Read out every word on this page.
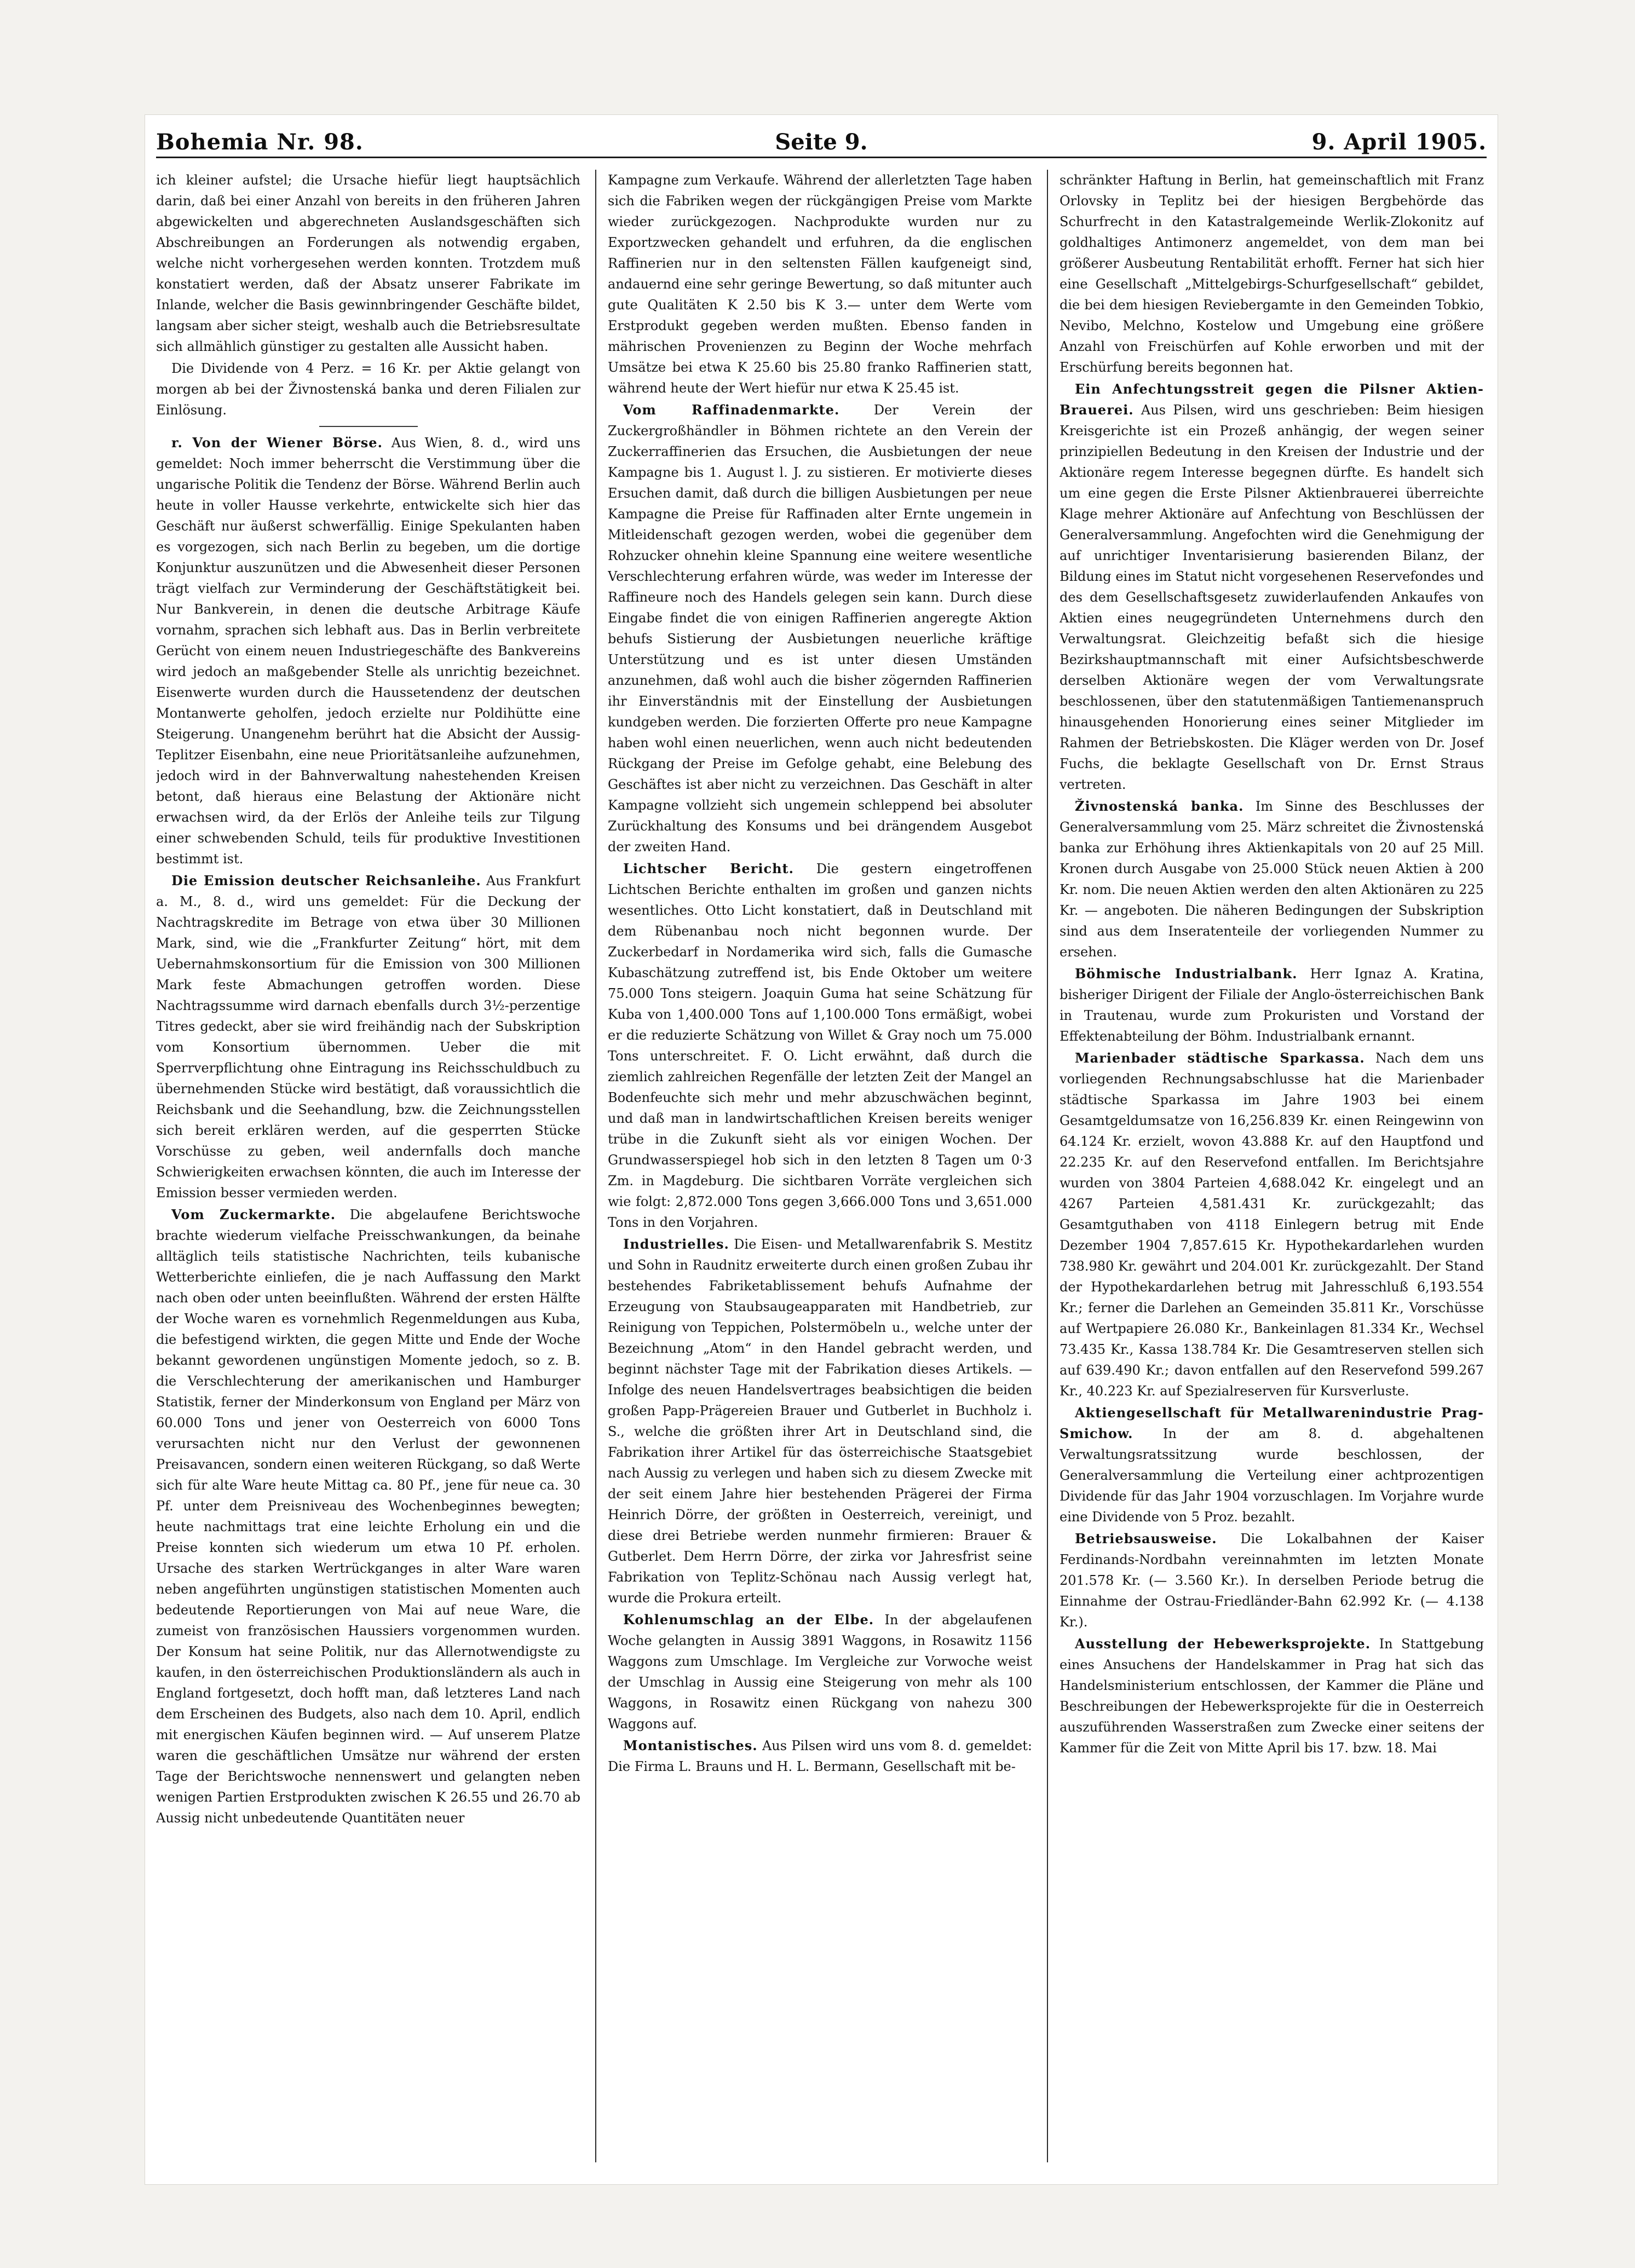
Bohemia Nr. 98.	Seite 9.	9. April 1905.

ich kleiner aufstel; die Ursache hiefür liegt hauptsächlich darin, daß bei einer Anzahl von bereits in den früheren Jahren abgewickelten und abgerechneten Auslandsgeschäften sich Abschreibungen an Forderungen als notwendig ergaben, welche nicht vorhergesehen werden konnten. Trotzdem muß konstatiert werden, daß der Absatz unserer Fabrikate im Inlande, welcher die Basis gewinnbringender Geschäfte bildet, langsam aber sicher steigt, weshalb auch die Betriebsresultate sich allmählich günstiger zu gestalten alle Aussicht haben.

Die Dividende von 4 Perz. = 16 Kr. per Aktie gelangt von morgen ab bei der Živnostenská banka und deren Filialen zur Einlösung.

r. Von der Wiener Börse. Aus Wien, 8. d., wird uns gemeldet: Noch immer beherrscht die Verstimmung über die ungarische Politik die Tendenz der Börse. Während Berlin auch heute in voller Hausse verkehrte, entwickelte sich hier das Geschäft nur äußerst schwerfällig. Einige Spekulanten haben es vorgezogen, sich nach Berlin zu begeben, um die dortige Konjunktur auszunützen und die Abwesenheit dieser Personen trägt vielfach zur Verminderung der Geschäftstätigkeit bei. Nur Bankverein, in denen die deutsche Arbitrage Käufe vornahm, sprachen sich lebhaft aus. Das in Berlin verbreitete Gerücht von einem neuen Industriegeschäfte des Bankvereins wird jedoch an maßgebender Stelle als unrichtig bezeichnet. Eisenwerte wurden durch die Haussetendenz der deutschen Montanwerte geholfen, jedoch erzielte nur Poldihütte eine Steigerung. Unangenehm berührt hat die Absicht der Aussig-Teplitzer Eisenbahn, eine neue Prioritätsanleihe aufzunehmen, jedoch wird in der Bahnverwaltung nahestehenden Kreisen betont, daß hieraus eine Belastung der Aktionäre nicht erwachsen wird, da der Erlös der Anleihe teils zur Tilgung einer schwebenden Schuld, teils für produktive Investitionen bestimmt ist.

Die Emission deutscher Reichsanleihe. Aus Frankfurt a. M., 8. d., wird uns gemeldet: Für die Deckung der Nachtragskredite im Betrage von etwa über 30 Millionen Mark, sind, wie die „Frankfurter Zeitung“ hört, mit dem Uebernahmskonsortium für die Emission von 300 Millionen Mark feste Abmachungen getroffen worden. Diese Nachtragssumme wird darnach ebenfalls durch 3½-perzentige Titres gedeckt, aber sie wird freihändig nach der Subskription vom Konsortium übernommen. Ueber die mit Sperrverpflichtung ohne Eintragung ins Reichsschuldbuch zu übernehmenden Stücke wird bestätigt, daß voraussichtlich die Reichsbank und die Seehandlung, bzw. die Zeichnungsstellen sich bereit erklären werden, auf die gesperrten Stücke Vorschüsse zu geben, weil andernfalls doch manche Schwierigkeiten erwachsen könnten, die auch im Interesse der Emission besser vermieden werden.

Vom Zuckermarkte. Die abgelaufene Berichtswoche brachte wiederum vielfache Preisschwankungen, da beinahe alltäglich teils statistische Nachrichten, teils kubanische Wetterberichte einliefen, die je nach Auffassung den Markt nach oben oder unten beeinflußten. Während der ersten Hälfte der Woche waren es vornehmlich Regenmeldungen aus Kuba, die befestigend wirkten, die gegen Mitte und Ende der Woche bekannt gewordenen ungünstigen Momente jedoch, so z. B. die Verschlechterung der amerikanischen und Hamburger Statistik, ferner der Minderkonsum von England per März von 60.000 Tons und jener von Oesterreich von 6000 Tons verursachten nicht nur den Verlust der gewonnenen Preisavancen, sondern einen weiteren Rückgang, so daß Werte sich für alte Ware heute Mittag ca. 80 Pf., jene für neue ca. 30 Pf. unter dem Preisniveau des Wochenbeginnes bewegten; heute nachmittags trat eine leichte Erholung ein und die Preise konnten sich wiederum um etwa 10 Pf. erholen. Ursache des starken Wertrückganges in alter Ware waren neben angeführten ungünstigen statistischen Momenten auch bedeutende Reportierungen von Mai auf neue Ware, die zumeist von französischen Haussiers vorgenommen wurden. Der Konsum hat seine Politik, nur das Allernotwendigste zu kaufen, in den österreichischen Produktionsländern als auch in England fortgesetzt, doch hofft man, daß letzteres Land nach dem Erscheinen des Budgets, also nach dem 10. April, endlich mit energischen Käufen beginnen wird. — Auf unserem Platze waren die geschäftlichen Umsätze nur während der ersten Tage der Berichtswoche nennenswert und gelangten neben wenigen Partien Erstprodukten zwischen K 26.55 und 26.70 ab Aussig nicht unbedeutende Quantitäten neuer

Kampagne zum Verkaufe. Während der allerletzten Tage haben sich die Fabriken wegen der rückgängigen Preise vom Markte wieder zurückgezogen. Nachprodukte wurden nur zu Exportzwecken gehandelt und erfuhren, da die englischen Raffinerien nur in den seltensten Fällen kaufgeneigt sind, andauernd eine sehr geringe Bewertung, so daß mitunter auch gute Qualitäten K 2.50 bis K 3.— unter dem Werte vom Erstprodukt gegeben werden mußten. Ebenso fanden in mährischen Provenienzen zu Beginn der Woche mehrfach Umsätze bei etwa K 25.60 bis 25.80 franko Raffinerien statt, während heute der Wert hiefür nur etwa K 25.45 ist.

Vom Raffinadenmarkte.	Der Verein der Zuckergroßhändler in Böhmen richtete an den Verein der Zuckerraffinerien das Ersuchen, die Ausbietungen der neue Kampagne bis 1. August l. J. zu sistieren. Er motivierte dieses Ersuchen damit, daß durch die billigen Ausbietungen per neue Kampagne die Preise für Raffinaden alter Ernte ungemein in Mitleidenschaft gezogen werden, wobei die gegenüber dem Rohzucker ohnehin kleine Spannung eine weitere wesentliche Verschlechterung erfahren würde, was weder im Interesse der Raffineure noch des Handels gelegen sein kann. Durch diese Eingabe findet die von einigen Raffinerien angeregte Aktion behufs Sistierung der Ausbietungen neuerliche kräftige Unterstützung und es ist unter diesen Umständen anzunehmen, daß wohl auch die bisher zögernden Raffinerien ihr Einverständnis mit der Einstellung der Ausbietungen kundgeben werden. Die forzierten Offerte pro neue Kampagne haben wohl einen neuerlichen, wenn auch nicht bedeutenden Rückgang der Preise im Gefolge gehabt, eine Belebung des Geschäftes ist aber nicht zu verzeichnen. Das Geschäft in alter Kampagne vollzieht sich ungemein schleppend bei absoluter Zurückhaltung des Konsums und bei drängendem Ausgebot der zweiten Hand.

Lichtscher Bericht. Die gestern eingetroffenen Lichtschen Berichte enthalten im großen und ganzen nichts wesentliches. Otto Licht konstatiert, daß in Deutschland mit dem Rübenanbau noch nicht begonnen wurde. Der Zuckerbedarf in Nordamerika wird sich, falls die Gumasche Kubaschätzung zutreffend ist, bis Ende Oktober um weitere 75.000 Tons steigern. Joaquin Guma hat seine Schätzung für Kuba von 1,400.000 Tons auf 1,100.000 Tons ermäßigt, wobei er die reduzierte Schätzung von Willet & Gray noch um 75.000 Tons unterschreitet. F. O. Licht erwähnt, daß durch die ziemlich zahlreichen Regenfälle der letzten Zeit der Mangel an Bodenfeuchte sich mehr und mehr abzuschwächen beginnt, und daß man in landwirtschaftlichen Kreisen bereits weniger trübe in die Zukunft sieht als vor einigen Wochen. Der Grundwasserspiegel hob sich in den letzten 8 Tagen um 0·3 Zm. in Magdeburg. Die sichtbaren Vorräte vergleichen sich wie folgt: 2,872.000 Tons gegen 3,666.000 Tons und 3,651.000 Tons in den Vorjahren.

Industrielles. Die Eisen- und Metallwarenfabrik S. Mestitz und Sohn in Raudnitz erweiterte durch einen großen Zubau ihr bestehendes Fabriketablissement behufs Aufnahme der Erzeugung von Staubsaugeapparaten mit Handbetrieb, zur Reinigung von Teppichen, Polstermöbeln u., welche unter der Bezeichnung „Atom“ in den Handel gebracht werden, und beginnt nächster Tage mit der Fabrikation dieses Artikels. — Infolge des neuen Handelsvertrages beabsichtigen die beiden großen Papp-Prägereien Brauer und Gutberlet in Buchholz i. S., welche die größten ihrer Art in Deutschland sind, die Fabrikation ihrer Artikel für das österreichische Staatsgebiet nach Aussig zu verlegen und haben sich zu diesem Zwecke mit der seit einem Jahre hier bestehenden Prägerei der Firma Heinrich Dörre, der größten in Oesterreich, vereinigt, und diese drei Betriebe werden nunmehr firmieren: Brauer & Gutberlet. Dem Herrn Dörre, der zirka vor Jahresfrist seine Fabrikation von Teplitz-Schönau nach Aussig verlegt hat, wurde die Prokura erteilt.

Kohlenumschlag an der Elbe. In der abgelaufenen Woche gelangten in Aussig 3891 Waggons, in Rosawitz 1156 Waggons zum Umschlage. Im Vergleiche zur Vorwoche weist der Umschlag in Aussig eine Steigerung von mehr als 100 Waggons, in Rosawitz einen Rückgang von nahezu 300 Waggons auf.

Montanistisches. Aus Pilsen wird uns vom 8. d. gemeldet: Die Firma L. Brauns und H. L. Bermann, Gesellschaft mit be-

schränkter Haftung in Berlin, hat gemeinschaftlich mit Franz Orlovsky in Teplitz bei der hiesigen Bergbehörde das Schurfrecht in den Katastralgemeinde Werlik-Zlokonitz auf goldhaltiges Antimonerz angemeldet, von dem man bei größerer Ausbeutung Rentabilität erhofft. Ferner hat sich hier eine Gesellschaft „Mittelgebirgs-Schurfgesellschaft“ gebildet, die bei dem hiesigen Reviebergamte in den Gemeinden Tobkio, Nevibo, Melchno, Kostelow und Umgebung eine größere Anzahl von Freischürfen auf Kohle erworben und mit der Erschürfung bereits begonnen hat.

Ein Anfechtungsstreit gegen die Pilsner Aktien-Brauerei. Aus Pilsen, wird uns geschrieben: Beim hiesigen Kreisgerichte ist ein Prozeß anhängig, der wegen seiner prinzipiellen Bedeutung in den Kreisen der Industrie und der Aktionäre regem Interesse begegnen dürfte. Es handelt sich um eine gegen die Erste Pilsner Aktienbrauerei überreichte Klage mehrer Aktionäre auf Anfechtung von Beschlüssen der Generalversammlung. Angefochten wird die Genehmigung der auf unrichtiger Inventarisierung basierenden Bilanz, der Bildung eines im Statut nicht vorgesehenen Reservefondes und des dem Gesellschaftsgesetz zuwiderlaufenden Ankaufes von Aktien eines neugegründeten Unternehmens durch den Verwaltungsrat. Gleichzeitig befaßt sich die hiesige Bezirkshauptmannschaft mit einer Aufsichtsbeschwerde derselben Aktionäre wegen der vom Verwaltungsrate beschlossenen, über den statutenmäßigen Tantiemenanspruch hinausgehenden Honorierung eines seiner Mitglieder im Rahmen der Betriebskosten. Die Kläger werden von Dr. Josef Fuchs, die beklagte Gesellschaft von Dr. Ernst Straus vertreten.

Živnostenská banka. Im Sinne des Beschlusses der Generalversammlung vom 25. März schreitet die Živnostenská banka zur Erhöhung ihres Aktienkapitals von 20 auf 25 Mill. Kronen durch Ausgabe von 25.000 Stück neuen Aktien à 200 Kr. nom. Die neuen Aktien werden den alten Aktionären zu 225 Kr. — angeboten. Die näheren Bedingungen der Subskription sind aus dem Inseratenteile der vorliegenden Nummer zu ersehen.

Böhmische Industrialbank. Herr Ignaz A. Kratina, bisheriger Dirigent der Filiale der Anglo-österreichischen Bank in Trautenau, wurde zum Prokuristen und Vorstand der Effektenabteilung der Böhm. Industrialbank ernannt.

Marienbader städtische Sparkassa. Nach dem uns vorliegenden Rechnungsabschlusse hat die Marienbader städtische Sparkassa im Jahre 1903 bei einem Gesamtgeldumsatze von 16,256.839 Kr. einen Reingewinn von 64.124 Kr. erzielt, wovon 43.888 Kr. auf den Hauptfond und 22.235 Kr. auf den Reservefond entfallen. Im Berichtsjahre wurden von 3804 Parteien 4,688.042 Kr. eingelegt und an 4267 Parteien 4,581.431 Kr. zurückgezahlt; das Gesamtguthaben von 4118 Einlegern betrug mit Ende Dezember 1904 7,857.615 Kr. Hypothekardarlehen wurden 738.980 Kr. gewährt und 204.001 Kr. zurückgezahlt. Der Stand der Hypothekardarlehen betrug mit Jahresschluß 6,193.554 Kr.; ferner die Darlehen an Gemeinden 35.811 Kr., Vorschüsse auf Wertpapiere 26.080 Kr., Bankeinlagen 81.334 Kr., Wechsel 73.435 Kr., Kassa 138.784 Kr. Die Gesamtreserven stellen sich auf 639.490 Kr.; davon entfallen auf den Reservefond 599.267 Kr., 40.223 Kr. auf Spezialreserven für Kursverluste.

Aktiengesellschaft für Metallwarenindustrie Prag-Smichow. In der am 8. d. abgehaltenen Verwaltungsratssitzung wurde beschlossen, der Generalversammlung die Verteilung einer achtprozentigen Dividende für das Jahr 1904 vorzuschlagen. Im Vorjahre wurde eine Dividende von 5 Proz. bezahlt.

Betriebsausweise. Die Lokalbahnen der Kaiser Ferdinands-Nordbahn vereinnahmten im letzten Monate 201.578 Kr. (— 3.560 Kr.). In derselben Periode betrug die Einnahme der Ostrau-Friedländer-Bahn 62.992 Kr. (— 4.138 Kr.).

Ausstellung der Hebewerksprojekte. In Stattgebung eines Ansuchens der Handelskammer in Prag hat sich das Handelsministerium entschlossen, der Kammer die Pläne und Beschreibungen der Hebewerksprojekte für die in Oesterreich auszuführenden Wasserstraßen zum Zwecke einer seitens der Kammer für die Zeit von Mitte April bis 17. bzw. 18. Mai
